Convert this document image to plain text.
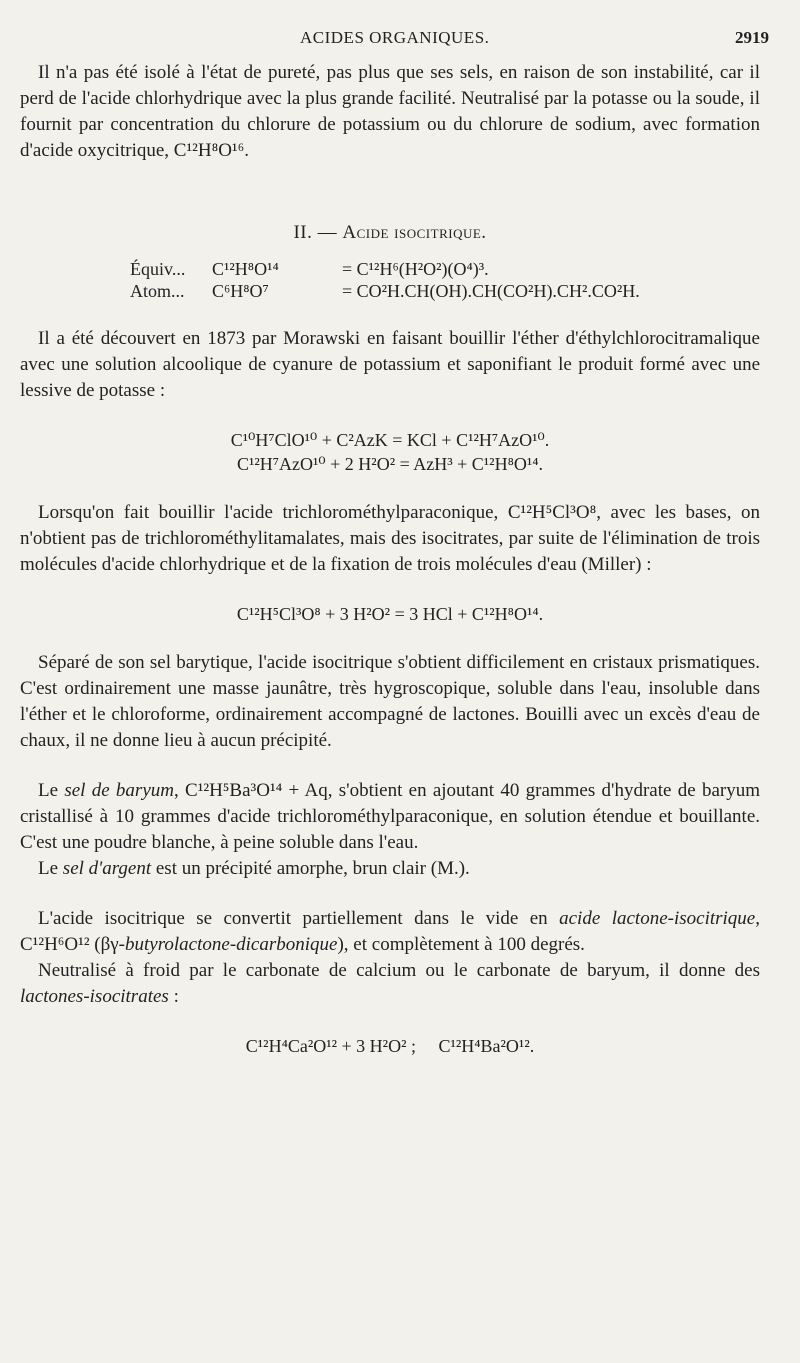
ACIDES ORGANIQUES.	2919

Il n'a pas été isolé à l'état de pureté, pas plus que ses sels, en raison de son instabilité, car il perd de l'acide chlorhydrique avec la plus grande facilité. Neutralisé par la potasse ou la soude, il fournit par concentration du chlorure de potassium ou du chlorure de sodium, avec formation d'acide oxycitrique, C¹²H⁸O¹⁶.

II. — Acide isocitrique.
Équiv...	C¹²H⁸O¹⁴	= C¹²H⁶(H²O²)(O⁴)³.
Atom...	C⁶H⁸O⁷	= CO²H.CH(OH).CH(CO²H).CH².CO²H.

Il a été découvert en 1873 par Morawski en faisant bouillir l'éther d'éthylchlorocitramalique avec une solution alcoolique de cyanure de potassium et saponifiant le produit formé avec une lessive de potasse :

C¹⁰H⁷ClO¹⁰ + C²AzK = KCl + C¹²H⁷AzO¹⁰.
C¹²H⁷AzO¹⁰ + 2 H²O² = AzH³ + C¹²H⁸O¹⁴.

Lorsqu'on fait bouillir l'acide trichlorométhylparaconique, C¹²H⁵Cl³O⁸, avec les bases, on n'obtient pas de trichlorométhylitamalates, mais des isocitrates, par suite de l'élimination de trois molécules d'acide chlorhydrique et de la fixation de trois molécules d'eau (Miller) :

C¹²H⁵Cl³O⁸ + 3 H²O² = 3 HCl + C¹²H⁸O¹⁴.

Séparé de son sel barytique, l'acide isocitrique s'obtient difficilement en cristaux prismatiques. C'est ordinairement une masse jaunâtre, très hygroscopique, soluble dans l'eau, insoluble dans l'éther et le chloroforme, ordinairement accompagné de lactones. Bouilli avec un excès d'eau de chaux, il ne donne lieu à aucun précipité.

Le sel de baryum, C¹²H⁵Ba³O¹⁴ + Aq, s'obtient en ajoutant 40 grammes d'hydrate de baryum cristallisé à 10 grammes d'acide trichlorométhylparaconique, en solution étendue et bouillante. C'est une poudre blanche, à peine soluble dans l'eau.

Le sel d'argent est un précipité amorphe, brun clair (M.).

L'acide isocitrique se convertit partiellement dans le vide en acide lactone-isocitrique, C¹²H⁶O¹² (βγ-butyrolactone-dicarbonique), et complètement à 100 degrés.

Neutralisé à froid par le carbonate de calcium ou le carbonate de baryum, il donne des lactones-isocitrates :

C¹²H⁴Ca²O¹² + 3 H²O² ;     C¹²H⁴Ba²O¹².
